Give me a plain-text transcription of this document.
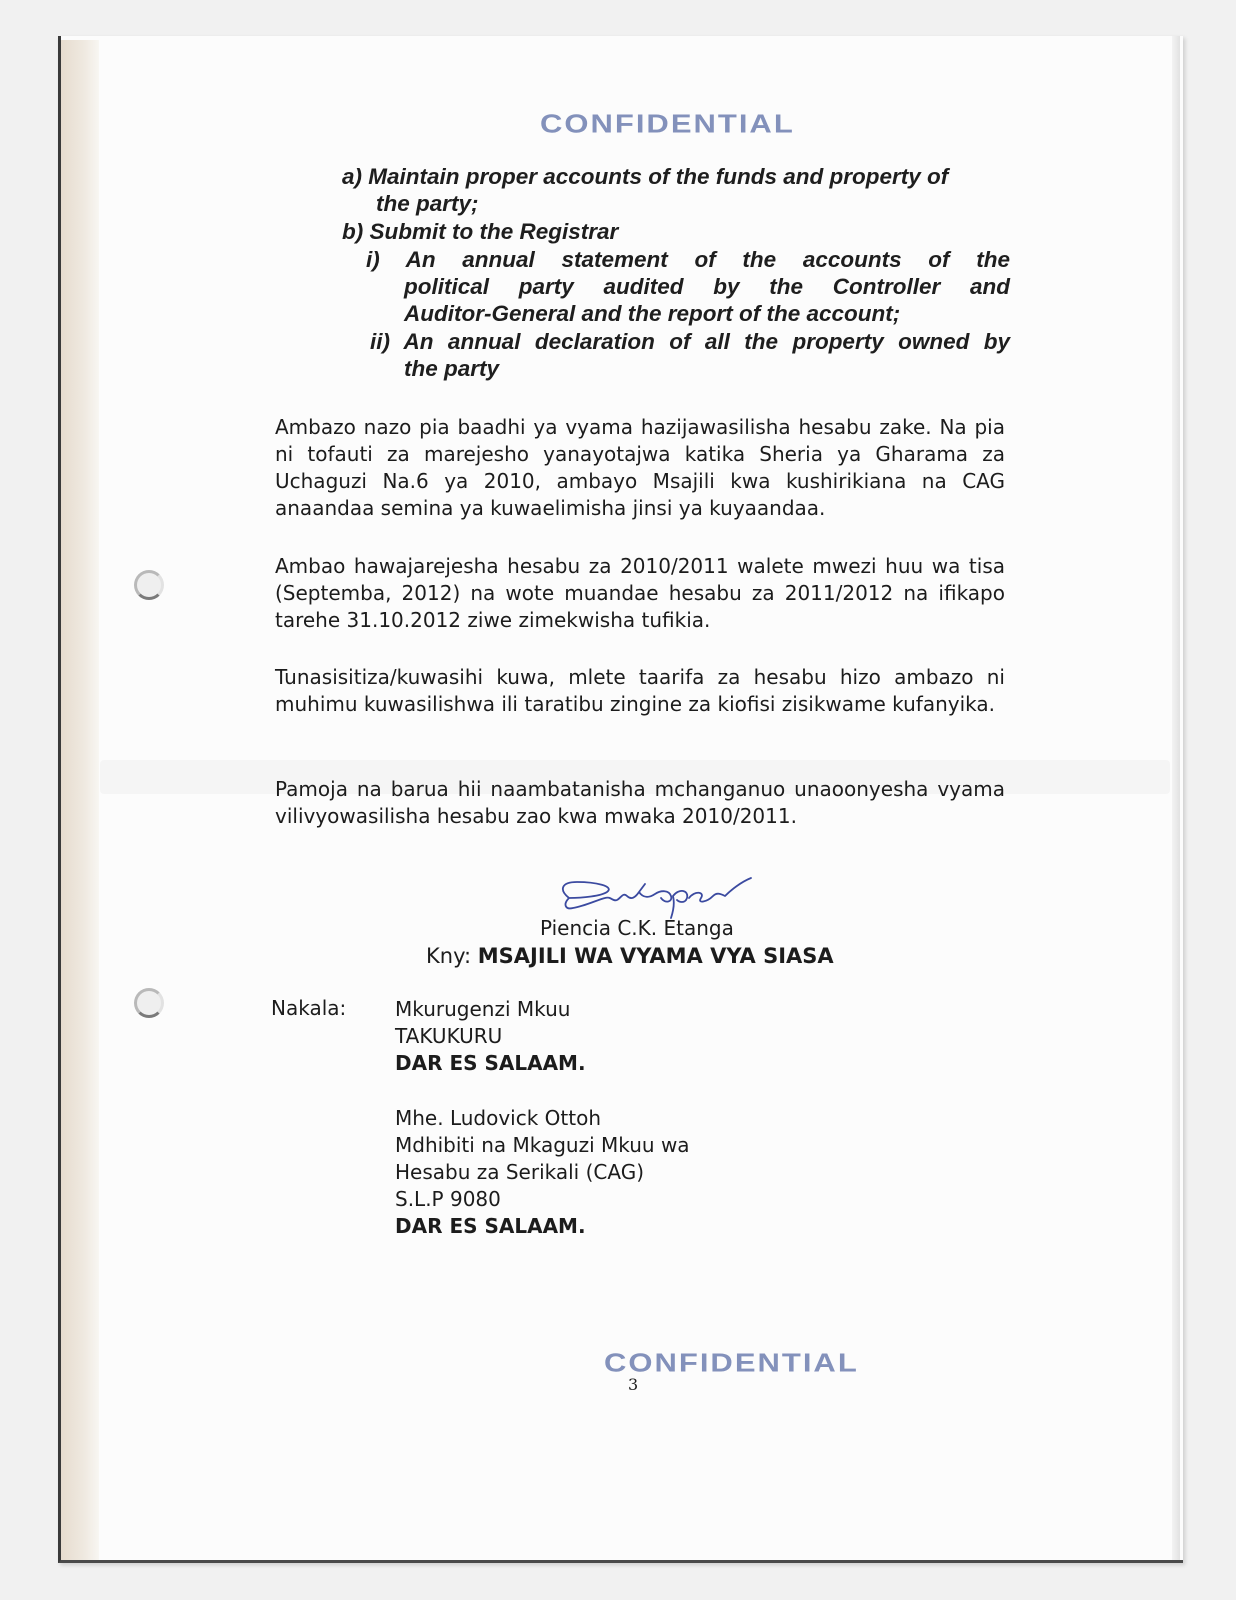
CONFIDENTIAL
a) Maintain proper accounts of the funds and property of
the party;
b) Submit to the Registrar
i) An annual statement of the accounts of the
political party audited by the Controller and
Auditor-General and the report of the account;
ii) An annual declaration of all the property owned by
the party

Ambazo nazo pia baadhi ya vyama hazijawasilisha hesabu zake. Na pia ni tofauti za marejesho yanayotajwa katika Sheria ya Gharama za Uchaguzi Na.6 ya 2010, ambayo Msajili kwa kushirikiana na CAG anaandaa semina ya kuwaelimisha jinsi ya kuyaandaa.

Ambao hawajarejesha hesabu za 2010/2011 walete mwezi huu wa tisa (Septemba, 2012) na wote muandae hesabu za 2011/2012 na ifikapo tarehe 31.10.2012 ziwe zimekwisha tufikia.

Tunasisitiza/kuwasihi kuwa, mlete taarifa za hesabu hizo ambazo ni muhimu kuwasilishwa ili taratibu zingine za kiofisi zisikwame kufanyika.

Pamoja na barua hii naambatanisha mchanganuo unaoonyesha vyama vilivyowasilisha hesabu zao kwa mwaka 2010/2011.

Piencia C.K. Etanga
Kny: MSAJILI WA VYAMA VYA SIASA
Nakala: Mkurugenzi Mkuu
TAKUKURU
DAR ES SALAAM.
Mhe. Ludovick Ottoh
Mdhibiti na Mkaguzi Mkuu wa
Hesabu za Serikali (CAG)
S.L.P 9080
DAR ES SALAAM.
CONFIDENTIAL
3
